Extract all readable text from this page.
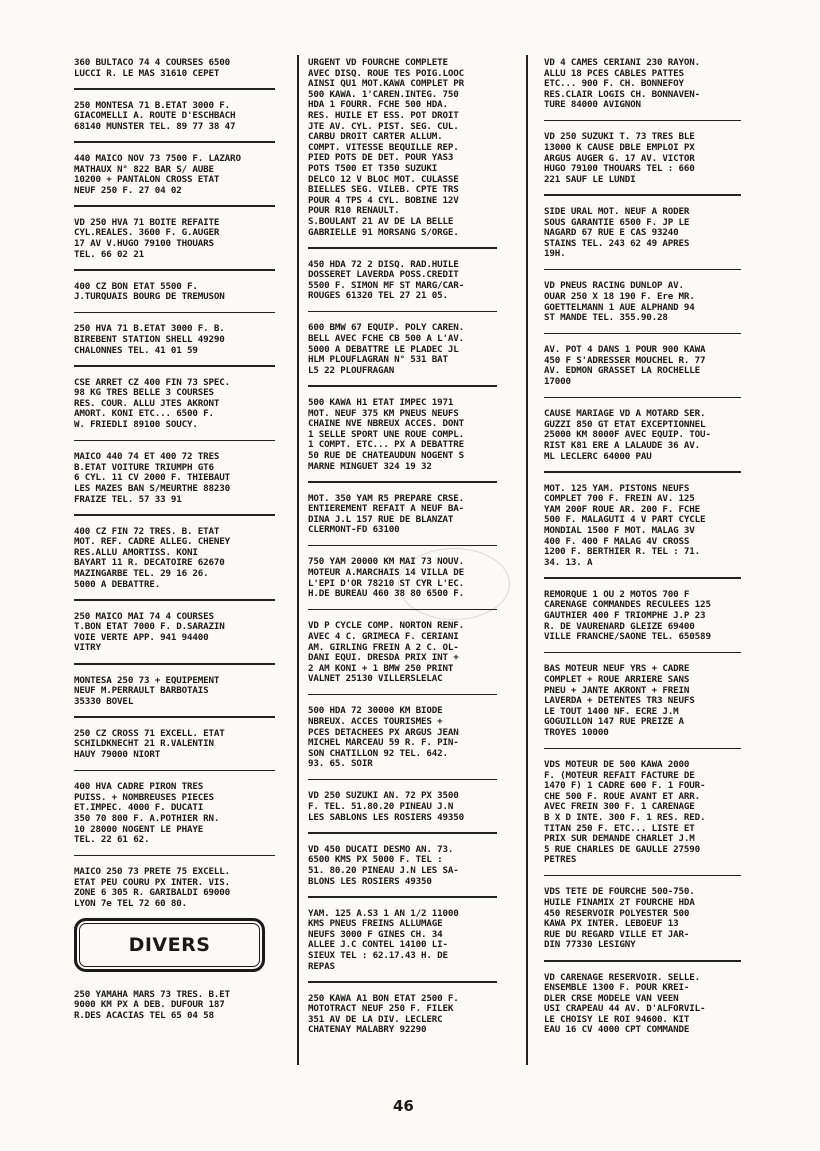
360 BULTACO 74 4 COURSES 6500
LUCCI R. LE MAS 31610 CEPET

250 MONTESA 71 B.ETAT 3000 F.
GIACOMELLI A. ROUTE D'ESCHBACH
68140 MUNSTER TEL. 89 77 38 47

440 MAICO NOV 73 7500 F. LAZARO
MATHAUX N° 822 BAR S/ AUBE
10200 + PANTALON CROSS ETAT
NEUF 250 F. 27 04 02

VD 250 HVA 71 BOITE REFAITE
CYL.REALES. 3600 F. G.AUGER
17 AV V.HUGO 79100 THOUARS
TEL. 66 02 21

400 CZ BON ETAT 5500 F.
J.TURQUAIS BOURG DE TREMUSON

250 HVA 71 B.ETAT 3000 F. B.
BIREBENT STATION SHELL 49290
CHALONNES TEL. 41 01 59

CSE ARRET CZ 400 FIN 73 SPEC.
98 KG TRES BELLE 3 COURSES
RES. COUR. ALLU JTES AKRONT
AMORT. KONI ETC... 6500 F.
W. FRIEDLI 89100 SOUCY.

MAICO 440 74 ET 400 72 TRES
B.ETAT VOITURE TRIUMPH GT6
6 CYL. 11 CV 2000 F. THIEBAUT
LES MAZES BAN S/MEURTHE 88230
FRAIZE TEL. 57 33 91

400 CZ FIN 72 TRES. B. ETAT
MOT. REF. CADRE ALLEG. CHENEY
RES.ALLU AMORTISS. KONI
BAYART 11 R. DECATOIRE 62670
MAZINGARBE TEL. 29 16 26.
5000 A DEBATTRE.

250 MAICO MAI 74 4 COURSES
T.BON ETAT 7000 F. D.SARAZIN
VOIE VERTE APP. 941 94400
VITRY

MONTESA 250 73 + EQUIPEMENT
NEUF M.PERRAULT BARBOTAIS
35330 BOVEL

250 CZ CROSS 71 EXCELL. ETAT
SCHILDKNECHT 21 R.VALENTIN
HAUY 79000 NIORT

400 HVA CADRE PIRON TRES
PUISS. + NOMBREUSES PIECES
ET.IMPEC. 4000 F. DUCATI
350 70 800 F. A.POTHIER RN.
10 28000 NOGENT LE PHAYE
TEL. 22 61 62.

MAICO 250 73 PRETE 75 EXCELL.
ETAT PEU COURU PX INTER. VIS.
ZONE 6 305 R. GARIBALDI 69000
LYON 7e TEL 72 60 80.

DIVERS

250 YAMAHA MARS 73 TRES. B.ET
9000 KM PX A DEB. DUFOUR 187
R.DES ACACIAS TEL 65 04 58

URGENT VD FOURCHE COMPLETE
AVEC DISQ. ROUE TES POIG.LOOC
AINSI QU1 MOT.KAWA COMPLET PR
500 KAWA. 1'CAREN.INTEG. 750
HDA 1 FOURR. FCHE 500 HDA.
RES. HUILE ET ESS. POT DROIT
JTE AV. CYL. PIST. SEG. CUL.
CARBU DROIT CARTER ALLUM.
COMPT. VITESSE BEQUILLE REP.
PIED POTS DE DET. POUR YAS3
POTS T500 ET T350 SUZUKI
DELCO 12 V BLOC MOT. CULASSE
BIELLES SEG. VILEB. CPTE TRS
POUR 4 TPS 4 CYL. BOBINE 12V
POUR R10 RENAULT.
S.BOULANT 21 AV DE LA BELLE
GABRIELLE 91 MORSANG S/ORGE.

450 HDA 72 2 DISQ. RAD.HUILE
DOSSERET LAVERDA POSS.CREDIT
5500 F. SIMON MF ST MARG/CAR-
ROUGES 61320 TEL 27 21 05.

600 BMW 67 EQUIP. POLY CAREN.
BELL AVEC FCHE CB 500 A L'AV.
5000 A DEBATTRE LE PLADEC JL
HLM PLOUFLAGRAN N° 531 BAT
L5 22 PLOUFRAGAN

500 KAWA H1 ETAT IMPEC 1971
MOT. NEUF 375 KM PNEUS NEUFS
CHAINE NVE NBREUX ACCES. DONT
1 SELLE SPORT UNE ROUE COMPL.
1 COMPT. ETC... PX A DEBATTRE
50 RUE DE CHATEAUDUN NOGENT S
MARNE MINGUET 324 19 32

MOT. 350 YAM R5 PREPARE CRSE.
ENTIEREMENT REFAIT A NEUF BA-
DINA J.L 157 RUE DE BLANZAT
CLERMONT-FD 63100

750 YAM 20000 KM MAI 73 NOUV.
MOTEUR A.MARCHAIS 14 VILLA DE
L'EPI D'OR 78210 ST CYR L'EC.
H.DE BUREAU 460 38 80 6500 F.

VD P CYCLE COMP. NORTON RENF.
AVEC 4 C. GRIMECA F. CERIANI
AM. GIRLING FREIN A 2 C. OL-
DANI EQUI. DRESDA PRIX INT +
2 AM KONI + 1 BMW 250 PRINT
VALNET 25130 VILLERSLELAC

500 HDA 72 30000 KM BIODE
NBREUX. ACCES TOURISMES +
PCES DETACHEES PX ARGUS JEAN
MICHEL MARCEAU 59 R. F. PIN-
SON CHATILLON 92 TEL. 642.
93. 65. SOIR

VD 250 SUZUKI AN. 72 PX 3500
F. TEL. 51.80.20 PINEAU J.N
LES SABLONS LES ROSIERS 49350

VD 450 DUCATI DESMO AN. 73.
6500 KMS PX 5000 F. TEL :
51. 80.20 PINEAU J.N LES SA-
BLONS LES ROSIERS 49350

YAM. 125 A.S3 1 AN 1/2 11000
KMS PNEUS FREINS ALLUMAGE
NEUFS 3000 F GINES CH. 34
ALLEE J.C CONTEL 14100 LI-
SIEUX TEL : 62.17.43 H. DE
REPAS

250 KAWA A1 BON ETAT 2500 F.
MOTOTRACT NEUF 250 F. FILEK
351 AV DE LA DIV. LECLERC
CHATENAY MALABRY 92290

VD 4 CAMES CERIANI 230 RAYON.
ALLU 18 PCES CABLES PATTES
ETC... 900 F. CH. BONNEFOY
RES.CLAIR LOGIS CH. BONNAVEN-
TURE 84000 AVIGNON

VD 250 SUZUKI T. 73 TRES BLE
13000 K CAUSE DBLE EMPLOI PX
ARGUS AUGER G. 17 AV. VICTOR
HUGO 79100 THOUARS TEL : 660
221 SAUF LE LUNDI

SIDE URAL MOT. NEUF A RODER
SOUS GARANTIE 6500 F. JP LE
NAGARD 67 RUE E CAS 93240
STAINS TEL. 243 62 49 APRES
19H.

VD PNEUS RACING DUNLOP AV.
OUAR 250 X 18 190 F. Ere MR.
GOETTELMANN 1 AUE ALPHAND 94
ST MANDE TEL. 355.90.28

AV. POT 4 DANS 1 POUR 900 KAWA
450 F S'ADRESSER MOUCHEL R. 77
AV. EDMON GRASSET LA ROCHELLE
17000

CAUSE MARIAGE VD A MOTARD SER.
GUZZI 850 GT ETAT EXCEPTIONNEL
25000 KM 8000F AVEC EQUIP. TOU-
RIST K81 ERE A LALAUDE 36 AV.
ML LECLERC 64000 PAU

MOT. 125 YAM. PISTONS NEUFS
COMPLET 700 F. FREIN AV. 125
YAM 200F ROUE AR. 200 F. FCHE
500 F. MALAGUTI 4 V PART CYCLE
MONDIAL 1500 F MOT. MALAG 3V
400 F. 400 F MALAG 4V CROSS
1200 F. BERTHIER R. TEL : 71.
34. 13. A

REMORQUE 1 OU 2 MOTOS 700 F
CARENAGE COMMANDES RECULEES 125
GAUTHIER 400 F TRIOMPHE J.P 23
R. DE VAURENARD GLEIZE 69400
VILLE FRANCHE/SAONE TEL. 650589

BAS MOTEUR NEUF YRS + CADRE
COMPLET + ROUE ARRIERE SANS
PNEU + JANTE AKRONT + FREIN
LAVERDA + DETENTES TR3 NEUFS
LE TOUT 1400 NF. ECRE J.M
GOGUILLON 147 RUE PREIZE A
TROYES 10000

VDS MOTEUR DE 500 KAWA 2000
F. (MOTEUR REFAIT FACTURE DE
1470 F) 1 CADRE 600 F. 1 FOUR-
CHE 500 F. ROUE AVANT ET ARR.
AVEC FREIN 300 F. 1 CARENAGE
B X D INTE. 300 F. 1 RES. RED.
TITAN 250 F. ETC... LISTE ET
PRIX SUR DEMANDE CHARLET J.M
5 RUE CHARLES DE GAULLE 27590
PETRES

VDS TETE DE FOURCHE 500-750.
HUILE FINAMIX 2T FOURCHE HDA
450 RESERVOIR POLYESTER 500
KAWA PX INTER. LEBOEUF 13
RUE DU REGARD VILLE ET JAR-
DIN 77330 LESIGNY

VD CARENAGE RESERVOIR. SELLE.
ENSEMBLE 1300 F. POUR KREI-
DLER CRSE MODELE VAN VEEN
USI CRAPEAU 44 AV. D'ALFORVIL-
LE CHOISY LE ROI 94600. KIT
EAU 16 CV 4000 CPT COMMANDE

46
